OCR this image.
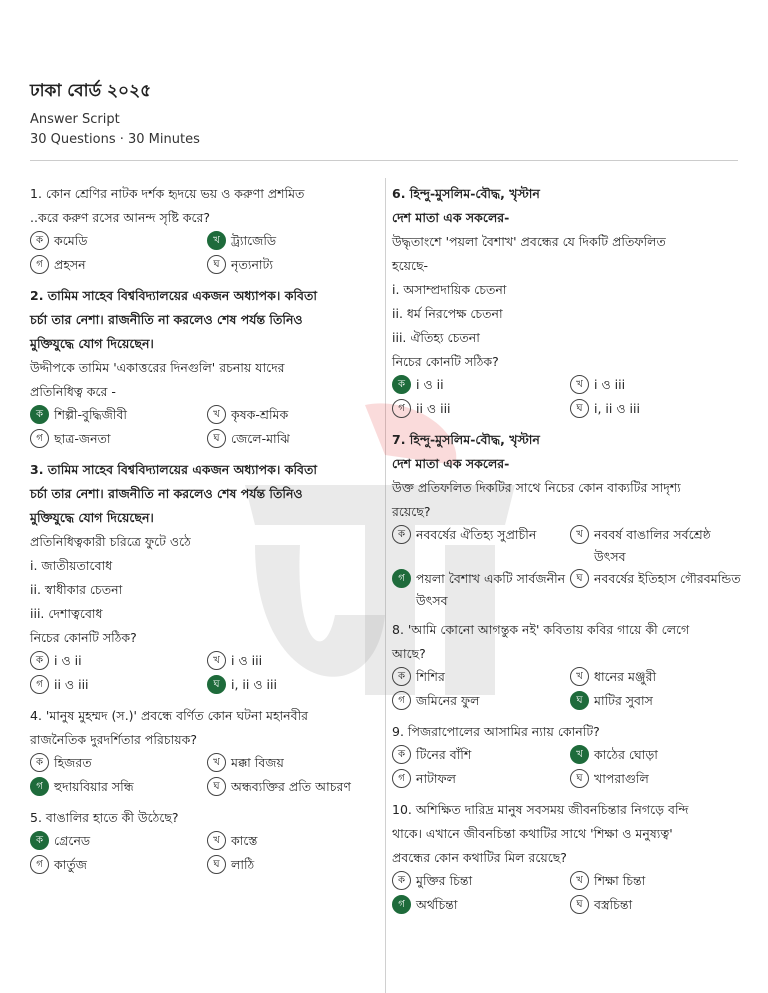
ঢাকা বোর্ড ২০২৫
Answer Script
30 Questions · 30 Minutes
1. কোন শ্রেণির নাটক দর্শক হৃদয়ে ভয় ও করুণা প্রশমিত
..করে করুণ রসের আনন্দ সৃষ্টি করে?
ক কমেডি	খ ট্র্যাজেডি
গ প্রহসন	ঘ নৃত্যনাট্য
2. তামিম সাহেব বিশ্ববিদ্যালয়ের একজন অধ্যাপক। কবিতা
চর্চা তার নেশা। রাজনীতি না করলেও শেষ পর্যন্ত তিনিও
মুক্তিযুদ্ধে যোগ দিয়েছেন।
উদ্দীপকে তামিম 'একাত্তরের দিনগুলি' রচনায় যাদের
প্রতিনিধিত্ব করে -
ক শিল্পী-বুদ্ধিজীবী	খ কৃষক-শ্রমিক
গ ছাত্র-জনতা	ঘ জেলে-মাঝি
3. তামিম সাহেব বিশ্ববিদ্যালয়ের একজন অধ্যাপক। কবিতা
চর্চা তার নেশা। রাজনীতি না করলেও শেষ পর্যন্ত তিনিও
মুক্তিযুদ্ধে যোগ দিয়েছেন।
প্রতিনিধিত্বকারী চরিত্রে ফুটে ওঠে
i. জাতীয়তাবোধ
ii. স্বাধীকার চেতনা
iii. দেশাত্ববোধ
নিচের কোনটি সঠিক?
ক i ও ii	খ i ও iii
গ ii ও iii	ঘ i, ii ও iii
4. 'মানুষ মুহম্মদ (স.)' প্রবন্ধে বর্ণিত কোন ঘটনা মহানবীর
রাজনৈতিক দুরদর্শিতার পরিচায়ক?
ক হিজরত	খ মক্কা বিজয়
গ হুদায়বিয়ার সন্ধি	ঘ অন্ধব্যক্তির প্রতি আচরণ
5. বাঙালির হাতে কী উঠেছে?
ক গ্রেনেড	খ কাস্তে
গ কার্তুজ	ঘ লাঠি
6. হিন্দু-মুসলিম-বৌদ্ধ, খৃস্টান
দেশ মাতা এক সকলের-
উদ্ধৃতাংশে 'পয়লা বৈশাখ' প্রবন্ধের যে দিকটি প্রতিফলিত
হয়েছে-
i. অসাম্প্রদায়িক চেতনা
ii. ধর্ম নিরপেক্ষ চেতনা
iii. ঐতিহ্য চেতনা
নিচের কোনটি সঠিক?
ক i ও ii	খ i ও iii
গ ii ও iii	ঘ i, ii ও iii
7. হিন্দু-মুসলিম-বৌদ্ধ, খৃস্টান
দেশ মাতা এক সকলের-
উক্ত প্রতিফলিত দিকটির সাথে নিচের কোন বাক্যটির সাদৃশ্য
রয়েছে?
ক নববর্ষের ঐতিহ্য সুপ্রাচীন	খ নববর্ষ বাঙালির সর্বশ্রেষ্ঠ উৎসব
গ পয়লা বৈশাখ একটি সার্বজনীন উৎসব
ঘ নববর্ষের ইতিহাস গৌরবমন্ডিত
8. 'আমি কোনো আগন্তুক নই' কবিতায় কবির গায়ে কী লেগে
আছে?
ক শিশির	খ ধানের মঞ্জুরী
গ জমিনের ফুল	ঘ মাটির সুবাস
9. পিজরাপোলের আসামির ন্যায় কোনটি?
ক টিনের বাঁশি	খ কাঠের ঘোড়া
গ নাটাফল	ঘ খাপরাগুলি
10. অশিক্ষিত দারিদ্র মানুষ সবসময় জীবনচিন্তার নিগড়ে বন্দি
থাকে। এখানে জীবনচিন্তা কথাটির সাথে 'শিক্ষা ও মনুষ্যত্ব'
প্রবন্ধের কোন কথাটির মিল রয়েছে?
ক মুক্তির চিন্তা	খ শিক্ষা চিন্তা
গ অর্থচিন্তা	ঘ বস্ত্রচিন্তা
